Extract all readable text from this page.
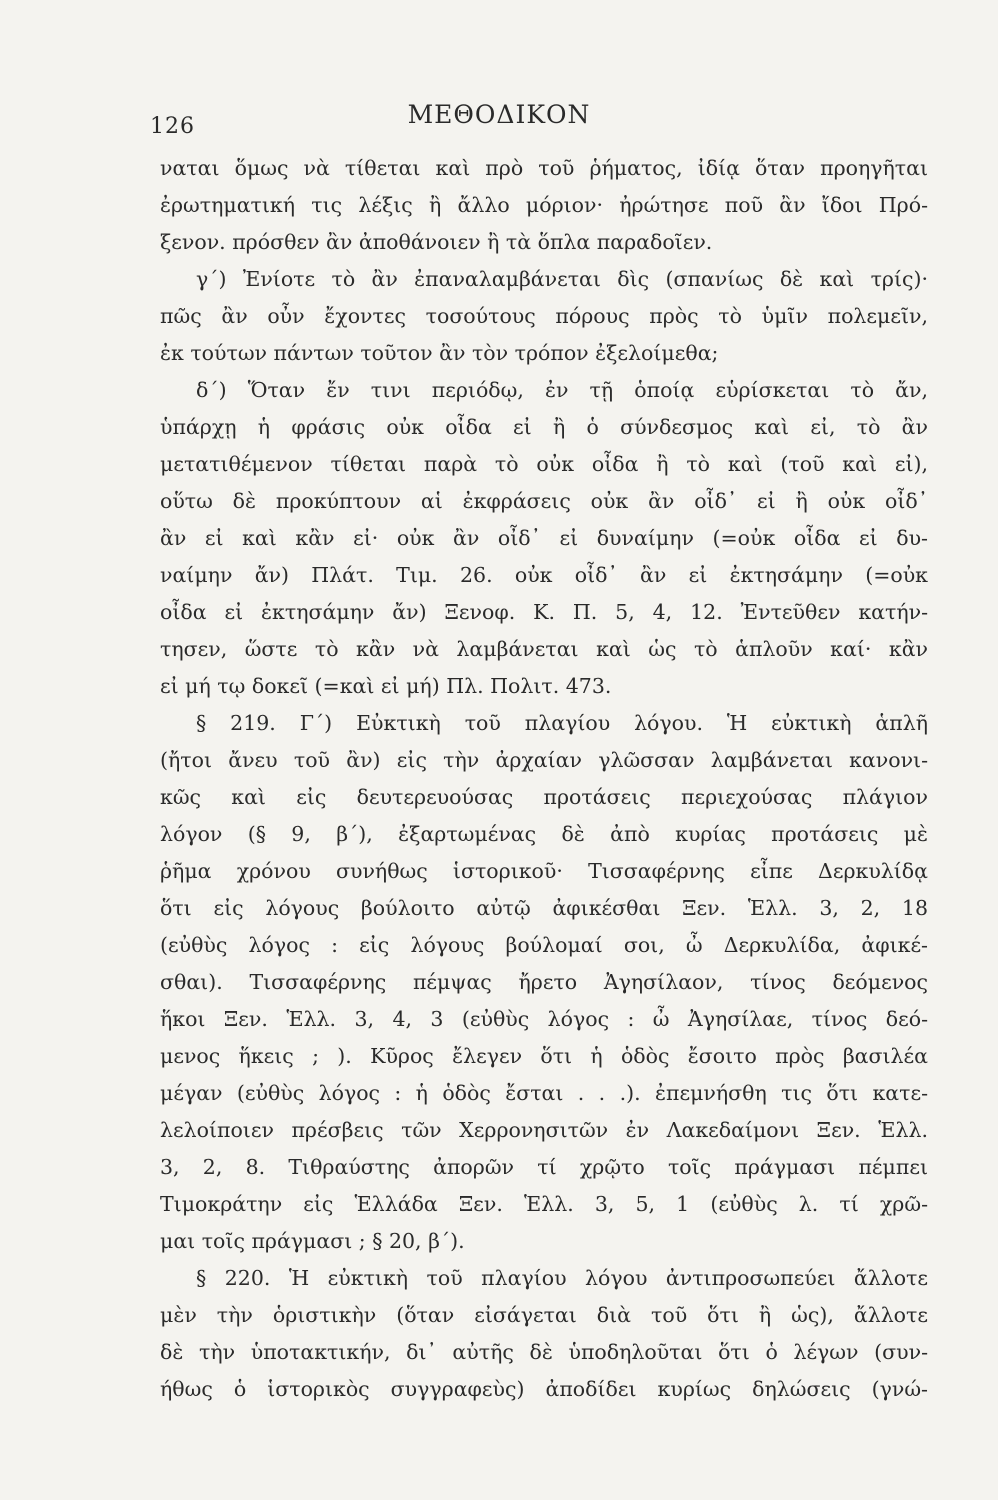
126	ΜΕΘΟΔΙΚΟΝ
ναται ὅμως νὰ τίθεται καὶ πρὸ τοῦ ῥήματος, ἰδίᾳ ὅταν προηγῆται
ἐρωτηματική τις λέξις ἢ ἄλλο μόριον· ἠρώτησε ποῦ ἂν ἴδοι Πρό-
ξενον. πρόσθεν ἂν ἀποθάνοιεν ἢ τὰ ὅπλα παραδοῖεν.
γ΄) Ἐνίοτε τὸ ἂν ἐπαναλαμβάνεται δὶς (σπανίως δὲ καὶ τρίς)·
πῶς ἂν οὖν ἔχοντες τοσούτους πόρους πρὸς τὸ ὑμῖν πολεμεῖν,
ἐκ τούτων πάντων τοῦτον ἂν τὸν τρόπον ἐξελοίμεθα;
δ΄) Ὅταν ἔν τινι περιόδῳ, ἐν τῇ ὁποίᾳ εὑρίσκεται τὸ ἄν,
ὑπάρχῃ ἡ φράσις οὐκ οἶδα εἰ ἢ ὁ σύνδεσμος καὶ εἰ, τὸ ἂν
μετατιθέμενον τίθεται παρὰ τὸ οὐκ οἶδα ἢ τὸ καὶ (τοῦ καὶ εἰ),
οὕτω δὲ προκύπτουν αἱ ἐκφράσεις οὐκ ἂν οἶδ᾽ εἰ ἢ οὐκ οἶδ᾽
ἂν εἰ καὶ κἂν εἰ· οὐκ ἂν οἶδ᾽ εἰ δυναίμην (=οὐκ οἶδα εἰ δυ-
ναίμην ἄν) Πλάτ. Τιμ. 26. οὐκ οἶδ᾽ ἂν εἰ ἐκτησάμην (=οὐκ
οἶδα εἰ ἐκτησάμην ἄν) Ξενοφ. Κ. Π. 5, 4, 12. Ἐντεῦθεν κατήν-
τησεν, ὥστε τὸ κἂν νὰ λαμβάνεται καὶ ὡς τὸ ἁπλοῦν καί· κἂν
εἰ μή τῳ δοκεῖ (=καὶ εἰ μή) Πλ. Πολιτ. 473.
§ 219. Γ΄) Εὐκτικὴ τοῦ πλαγίου λόγου. Ἡ εὐκτικὴ ἁπλῆ
(ἤτοι ἄνευ τοῦ ἂν) εἰς τὴν ἀρχαίαν γλῶσσαν λαμβάνεται κανονι-
κῶς καὶ εἰς δευτερευούσας προτάσεις περιεχούσας πλάγιον
λόγον (§ 9, β΄), ἐξαρτωμένας δὲ ἀπὸ κυρίας προτάσεις μὲ
ῥῆμα χρόνου συνήθως ἱστορικοῦ· Τισσαφέρνης εἶπε Δερκυλίδᾳ
ὅτι εἰς λόγους βούλοιτο αὐτῷ ἀφικέσθαι Ξεν. Ἑλλ. 3, 2, 18
(εὐθὺς λόγος : εἰς λόγους βούλομαί σοι, ὦ Δερκυλίδα, ἀφικέ-
σθαι). Τισσαφέρνης πέμψας ἤρετο Ἀγησίλαον, τίνος δεόμενος
ἥκοι Ξεν. Ἑλλ. 3, 4, 3 (εὐθὺς λόγος : ὦ Ἀγησίλαε, τίνος δεό-
μενος ἥκεις ; ). Κῦρος ἔλεγεν ὅτι ἡ ὁδὸς ἔσοιτο πρὸς βασιλέα
μέγαν (εὐθὺς λόγος : ἡ ὁδὸς ἔσται . . .). ἐπεμνήσθη τις ὅτι κατε-
λελοίποιεν πρέσβεις τῶν Χερρονησιτῶν ἐν Λακεδαίμονι Ξεν. Ἑλλ.
3, 2, 8. Τιθραύστης ἀπορῶν τί χρῷτο τοῖς πράγμασι πέμπει
Τιμοκράτην εἰς Ἑλλάδα Ξεν. Ἑλλ. 3, 5, 1 (εὐθὺς λ. τί χρῶ-
μαι τοῖς πράγμασι ; § 20, β΄).
§ 220. Ἡ εὐκτικὴ τοῦ πλαγίου λόγου ἀντιπροσωπεύει ἄλλοτε
μὲν τὴν ὁριστικὴν (ὅταν εἰσάγεται διὰ τοῦ ὅτι ἢ ὡς), ἄλλοτε
δὲ τὴν ὑποτακτικήν, δι᾽ αὐτῆς δὲ ὑποδηλοῦται ὅτι ὁ λέγων (συν-
ήθως ὁ ἱστορικὸς συγγραφεὺς) ἀποδίδει κυρίως δηλώσεις (γνώ-
